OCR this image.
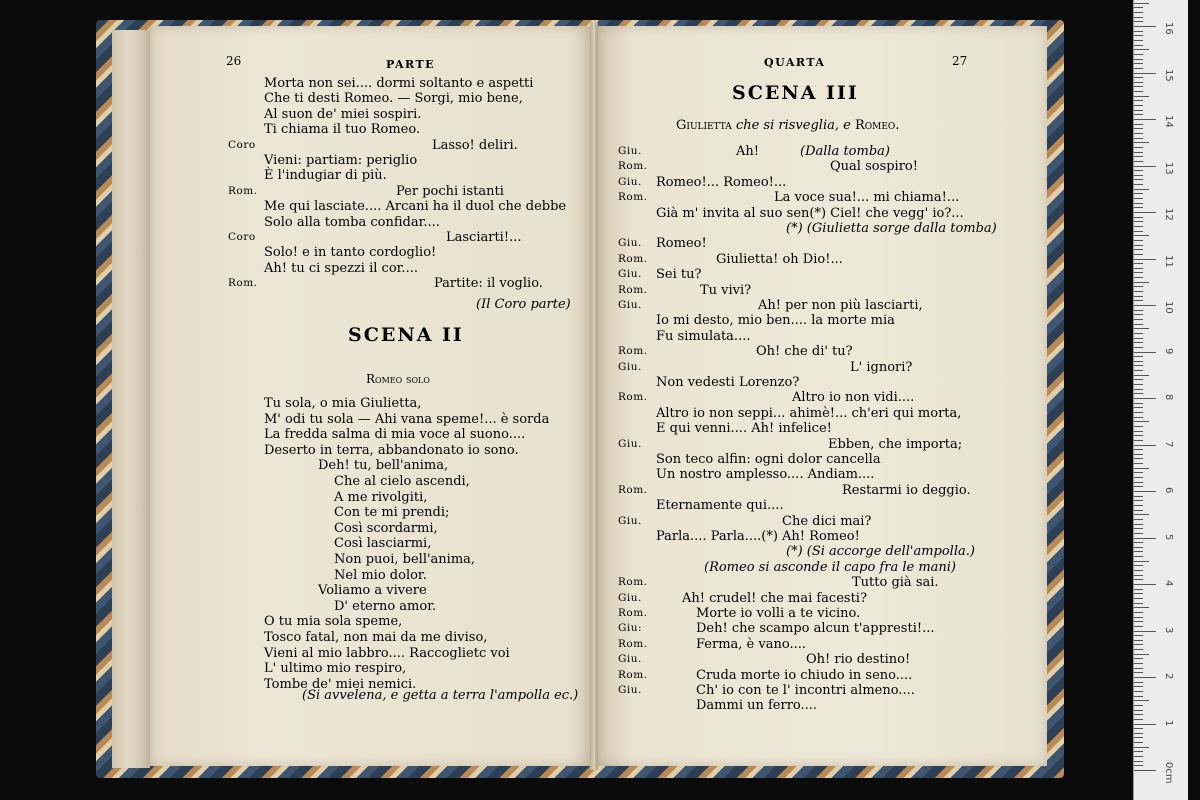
26	PARTE
Morta non sei.... dormi soltanto e aspetti
Che ti desti Romeo. — Sorgi, mio bene,
Al suon de' miei sospiri.
Ti chiama il tuo Romeo.
Coro	Lasso! deliri.
Vieni: partiam: periglio
È l'indugiar di più.
Rom.	Per pochi istanti
Me qui lasciate.... Arcani ha il duol che debbe
Solo alla tomba confidar....
Coro	Lasciarti!...
Solo! e in tanto cordoglio!
Ah! tu ci spezzi il cor....
Rom.	Partite: il voglio.
(Il Coro parte)
SCENA II
Romeo solo
Tu sola, o mia Giulietta,
M' odi tu sola — Ahi vana speme!... è sorda
La fredda salma di mia voce al suono....
Deserto in terra, abbandonato io sono.
Deh! tu, bell'anima,
Che al cielo ascendi,
A me rivolgiti,
Con te mi prendi;
Così scordarmi,
Così lasciarmi,
Non puoi, bell'anima,
Nel mio dolor.
Voliamo a vivere
D' eterno amor.
O tu mia sola speme,
Tosco fatal, non mai da me diviso,
Vieni al mio labbro.... Raccoglietc voi
L' ultimo mio respiro,
Tombe de' miei nemici.
(Si avvelena, e getta a terra l'ampolla ec.)
QUARTA	27
SCENA III
Giulietta che si risveglia, e Romeo.
Giu.	Ah!	(Dalla tomba)
Rom.	Qual sospiro!
Giu. Romeo!... Romeo!...
Rom.	La voce sua!... mi chiama!...
Già m' invita al suo sen(*) Ciel! che vegg' io?...
(*) (Giulietta sorge dalla tomba)
Giu. Romeo!
Rom.	Giulietta! oh Dio!...
Giu. Sei tu?
Rom.	Tu vivi?
Giu.	Ah! per non più lasciarti,
Io mi desto, mio ben.... la morte mia
Fu simulata....
Rom.	Oh! che di' tu?
Giu.	L' ignori?
Non vedesti Lorenzo?
Rom.	Altro io non vidi....
Altro io non seppi... ahimè!... ch'eri qui morta,
E qui venni.... Ah! infelice!
Giu.	Ebben, che importa;
Son teco alfin: ogni dolor cancella
Un nostro amplesso.... Andiam....
Rom.	Restarmi io deggio.
Eternamente qui....
Giu.	Che dici mai?
Parla.... Parla....(*) Ah! Romeo!
(*) (Si accorge dell'ampolla.)
(Romeo si asconde il capo fra le mani)
Rom.	Tutto già sai.
Giu.	Ah! crudel! che mai facesti?
Rom.	Morte io volli a te vicino.
Giu:	Deh! che scampo alcun t'appresti!...
Rom.	Ferma, è vano....
Giu.	Oh! rio destino!
Rom.	Cruda morte io chiudo in seno....
Giu.	Ch' io con te l' incontri almeno....
Dammi un ferro....
0cm
1
2
3
4
5
6
7
8
9
10
11
12
13
14
15
16
